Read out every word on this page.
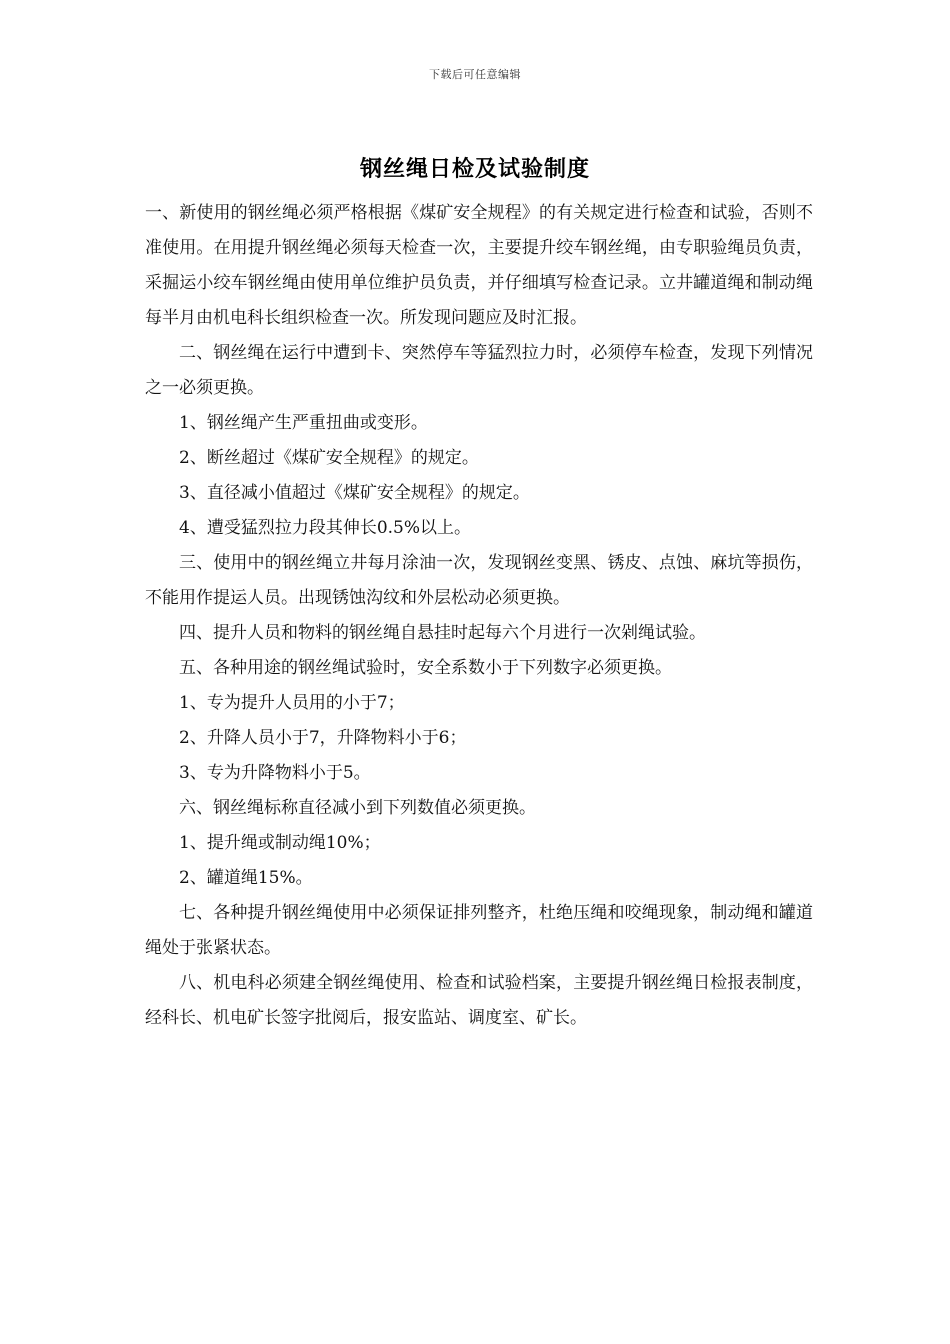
下载后可任意编辑
钢丝绳日检及试验制度

一、新使用的钢丝绳必须严格根据《煤矿安全规程》的有关规定进行检查和试验，否则不准使用。在用提升钢丝绳必须每天检查一次，主要提升绞车钢丝绳，由专职验绳员负责，采掘运小绞车钢丝绳由使用单位维护员负责，并仔细填写检查记录。立井罐道绳和制动绳每半月由机电科长组织检查一次。所发现问题应及时汇报。

二、钢丝绳在运行中遭到卡、突然停车等猛烈拉力时，必须停车检查，发现下列情况之一必须更换。

1、钢丝绳产生严重扭曲或变形。

2、断丝超过《煤矿安全规程》的规定。

3、直径减小值超过《煤矿安全规程》的规定。

4、遭受猛烈拉力段其伸长0.5%以上。

三、使用中的钢丝绳立井每月涂油一次，发现钢丝变黑、锈皮、点蚀、麻坑等损伤，不能用作提运人员。出现锈蚀沟纹和外层松动必须更换。

四、提升人员和物料的钢丝绳自悬挂时起每六个月进行一次剁绳试验。

五、各种用途的钢丝绳试验时，安全系数小于下列数字必须更换。

1、专为提升人员用的小于7；

2、升降人员小于7，升降物料小于6；

3、专为升降物料小于5。

六、钢丝绳标称直径减小到下列数值必须更换。

1、提升绳或制动绳10%；

2、罐道绳15%。

七、各种提升钢丝绳使用中必须保证排列整齐，杜绝压绳和咬绳现象，制动绳和罐道绳处于张紧状态。

八、机电科必须建全钢丝绳使用、检查和试验档案，主要提升钢丝绳日检报表制度，经科长、机电矿长签字批阅后，报安监站、调度室、矿长。
